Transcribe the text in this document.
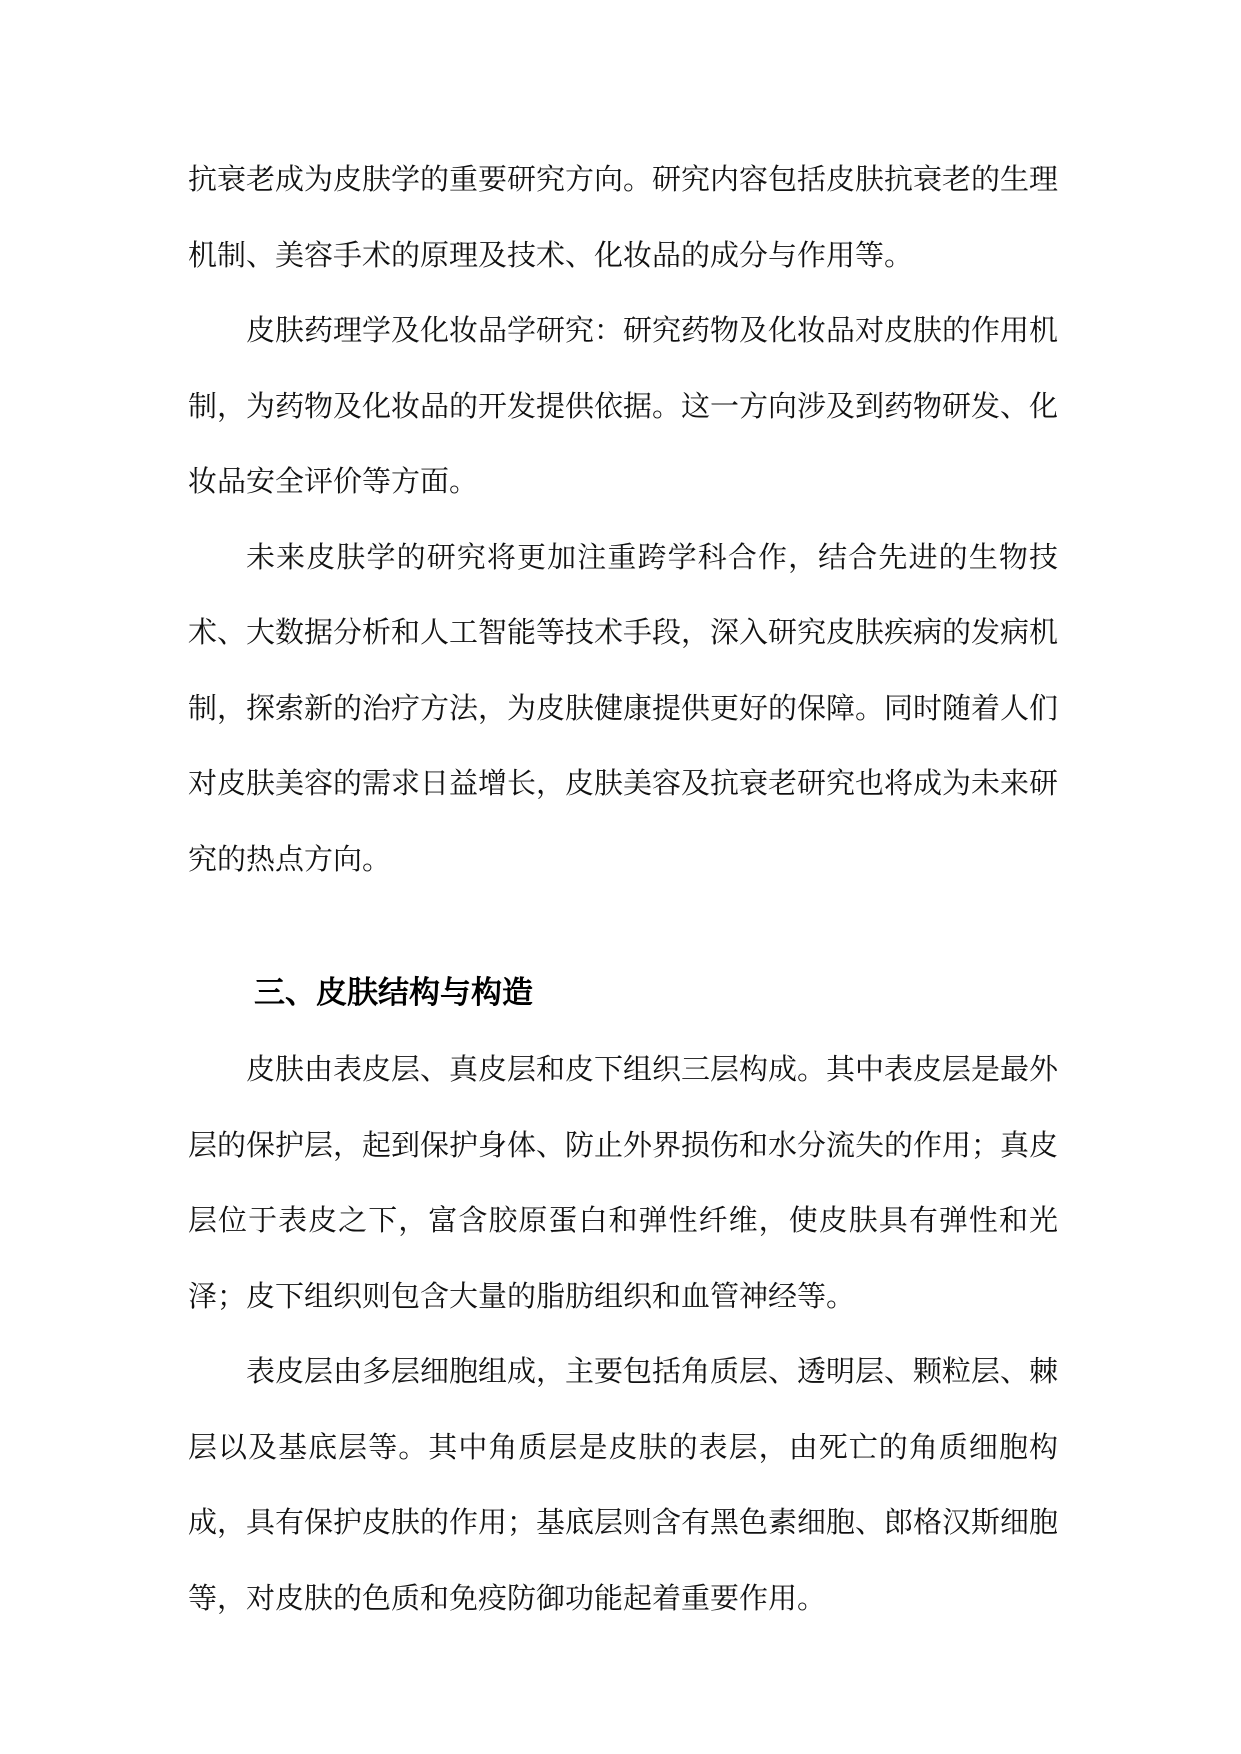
抗衰老成为皮肤学的重要研究方向。研究内容包括皮肤抗衰老的生理机制、美容手术的原理及技术、化妆品的成分与作用等。

皮肤药理学及化妆品学研究：研究药物及化妆品对皮肤的作用机制，为药物及化妆品的开发提供依据。这一方向涉及到药物研发、化妆品安全评价等方面。

未来皮肤学的研究将更加注重跨学科合作，结合先进的生物技术、大数据分析和人工智能等技术手段，深入研究皮肤疾病的发病机制，探索新的治疗方法，为皮肤健康提供更好的保障。同时随着人们对皮肤美容的需求日益增长，皮肤美容及抗衰老研究也将成为未来研究的热点方向。

三、皮肤结构与构造

皮肤由表皮层、真皮层和皮下组织三层构成。其中表皮层是最外层的保护层，起到保护身体、防止外界损伤和水分流失的作用；真皮层位于表皮之下，富含胶原蛋白和弹性纤维，使皮肤具有弹性和光泽；皮下组织则包含大量的脂肪组织和血管神经等。

表皮层由多层细胞组成，主要包括角质层、透明层、颗粒层、棘层以及基底层等。其中角质层是皮肤的表层，由死亡的角质细胞构成，具有保护皮肤的作用；基底层则含有黑色素细胞、郎格汉斯细胞等，对皮肤的色质和免疫防御功能起着重要作用。
